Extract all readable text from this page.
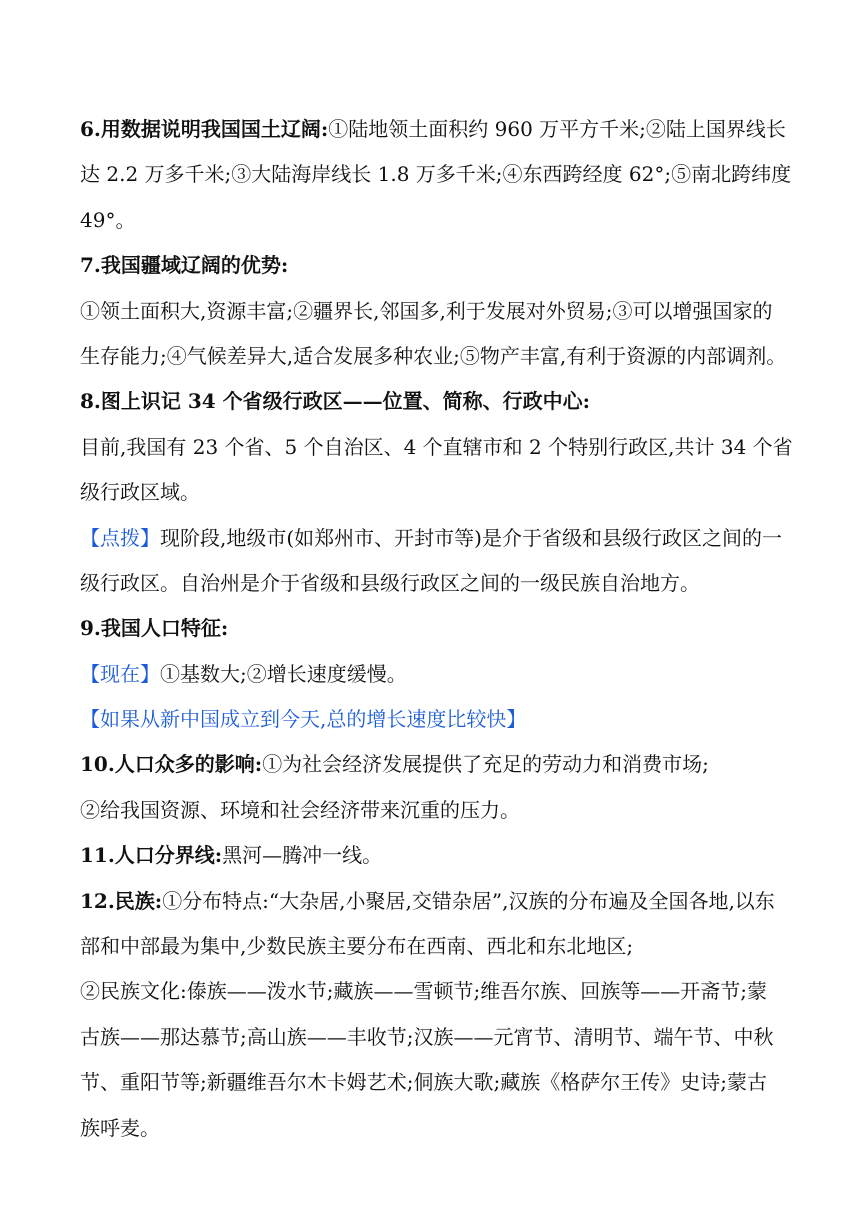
6.用数据说明我国国土辽阔:①陆地领土面积约 960 万平方千米;②陆上国界线长
达 2.2 万多千米;③大陆海岸线长 1.8 万多千米;④东西跨经度 62°;⑤南北跨纬度
49°。
7.我国疆域辽阔的优势:
①领土面积大,资源丰富;②疆界长,邻国多,利于发展对外贸易;③可以增强国家的
生存能力;④气候差异大,适合发展多种农业;⑤物产丰富,有利于资源的内部调剂。
8.图上识记 34 个省级行政区——位置、简称、行政中心:
目前,我国有 23 个省、5 个自治区、4 个直辖市和 2 个特别行政区,共计 34 个省
级行政区域。
【点拨】现阶段,地级市(如郑州市、开封市等)是介于省级和县级行政区之间的一
级行政区。自治州是介于省级和县级行政区之间的一级民族自治地方。
9.我国人口特征:
【现在】①基数大;②增长速度缓慢。
【如果从新中国成立到今天,总的增长速度比较快】
10.人口众多的影响:①为社会经济发展提供了充足的劳动力和消费市场;
②给我国资源、环境和社会经济带来沉重的压力。
11.人口分界线:黑河—腾冲一线。
12.民族:①分布特点:“大杂居,小聚居,交错杂居”,汉族的分布遍及全国各地,以东
部和中部最为集中,少数民族主要分布在西南、西北和东北地区;
②民族文化:傣族——泼水节;藏族——雪顿节;维吾尔族、回族等——开斋节;蒙
古族——那达慕节;高山族——丰收节;汉族——元宵节、清明节、端午节、中秋
节、重阳节等;新疆维吾尔木卡姆艺术;侗族大歌;藏族《格萨尔王传》史诗;蒙古
族呼麦。
